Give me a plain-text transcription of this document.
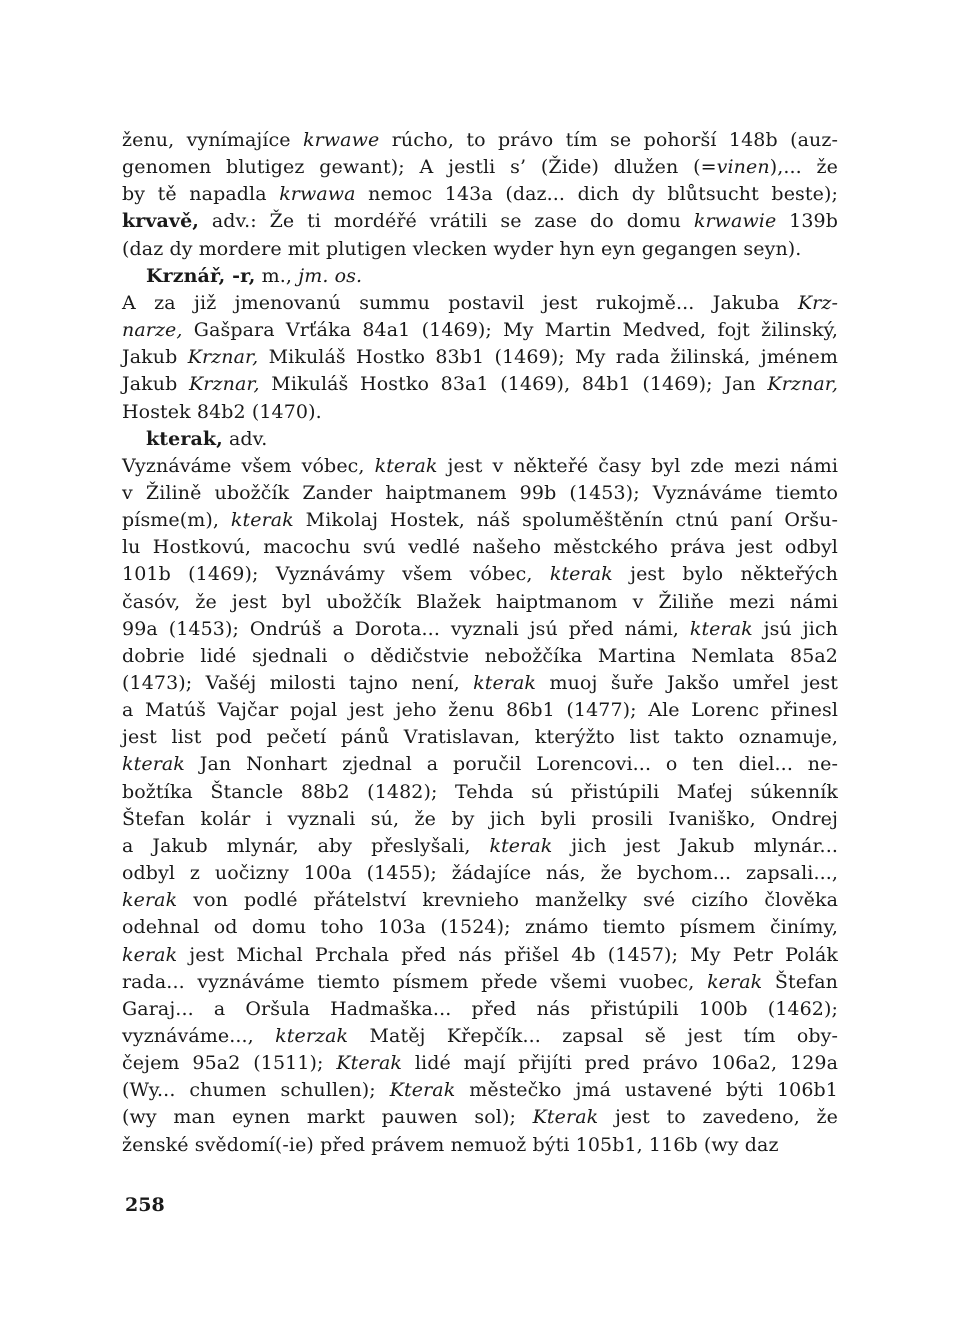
ženu, vynímajíce krwawe rúcho, to právo tím se pohorší 148b (auz-
genomen blutigez gewant); A jestli s’ (Žide) dlužen (=vinen),... že
by tě napadla krwawa nemoc 143a (daz... dich dy blůtsucht beste);
krvavě, adv.: Že ti mordéřé vrátili se zase do domu krwawie 139b
(daz dy mordere mit plutigen vlecken wyder hyn eyn gegangen seyn).
Krznář, -r, m., jm. os.
A za již jmenovanú summu postavil jest rukojmě... Jakuba Krz-
narze, Gašpara Vrťáka 84a1 (1469); My Martin Medved, fojt žilinský,
Jakub Krznar, Mikuláš Hostko 83b1 (1469); My rada žilinská, jménem
Jakub Krznar, Mikuláš Hostko 83a1 (1469), 84b1 (1469); Jan Krznar,
Hostek 84b2 (1470).
kterak, adv.
Vyznáváme všem vóbec, kterak jest v někteřé časy byl zde mezi námi
v Žilině ubožčík Zander haiptmanem 99b (1453); Vyznáváme tiemto
písme(m), kterak Mikolaj Hostek, náš spoluměštěnín ctnú paní Oršu-
lu Hostkovú, macochu svú vedlé našeho městckého práva jest odbyl
101b (1469); Vyznávámy všem vóbec, kterak jest bylo někteřých
časóv, že jest byl ubožčík Blažek haiptmanom v Žiliňe mezi námi
99a (1453); Ondrúš a Dorota... vyznali jsú před námi, kterak jsú jich
dobrie lidé sjednali o dědičstvie nebožčíka Martina Nemlata 85a2
(1473); Vašéj milosti tajno není, kterak muoj šuře Jakšo umřel jest
a Matúš Vajčar pojal jest jeho ženu 86b1 (1477); Ale Lorenc přinesl
jest list pod pečetí pánů Vratislavan, kterýžto list takto oznamuje,
kterak Jan Nonhart zjednal a poručil Lorencovi... o ten diel... ne-
božtíka Štancle 88b2 (1482); Tehda sú přistúpili Maťej súkenník
Štefan kolár i vyznali sú, že by jich byli prosili Ivaniško, Ondrej
a Jakub mlynár, aby přeslyšali, kterak jich jest Jakub mlynár...
odbyl z uočizny 100a (1455); žádajíce nás, že bychom... zapsali...,
kerak von podlé přátelství krevnieho manželky své cizího člověka
odehnal od domu toho 103a (1524); známo tiemto písmem činímy,
kerak jest Michal Prchala před nás přišel 4b (1457); My Petr Polák
rada... vyznáváme tiemto písmem přede všemi vuobec, kerak Štefan
Garaj... a Oršula Hadmaška... před nás přistúpili 100b (1462);
vyznáváme..., kterzak Matěj Křepčík... zapsal sě jest tím oby-
čejem 95a2 (1511); Kterak lidé mají přijíti pred právo 106a2, 129a
(Wy... chumen schullen); Kterak městečko jmá ustavené býti 106b1
(wy man eynen markt pauwen sol); Kterak jest to zavedeno, že
ženské svědomí(-ie) před právem nemuož býti 105b1, 116b (wy daz
258
